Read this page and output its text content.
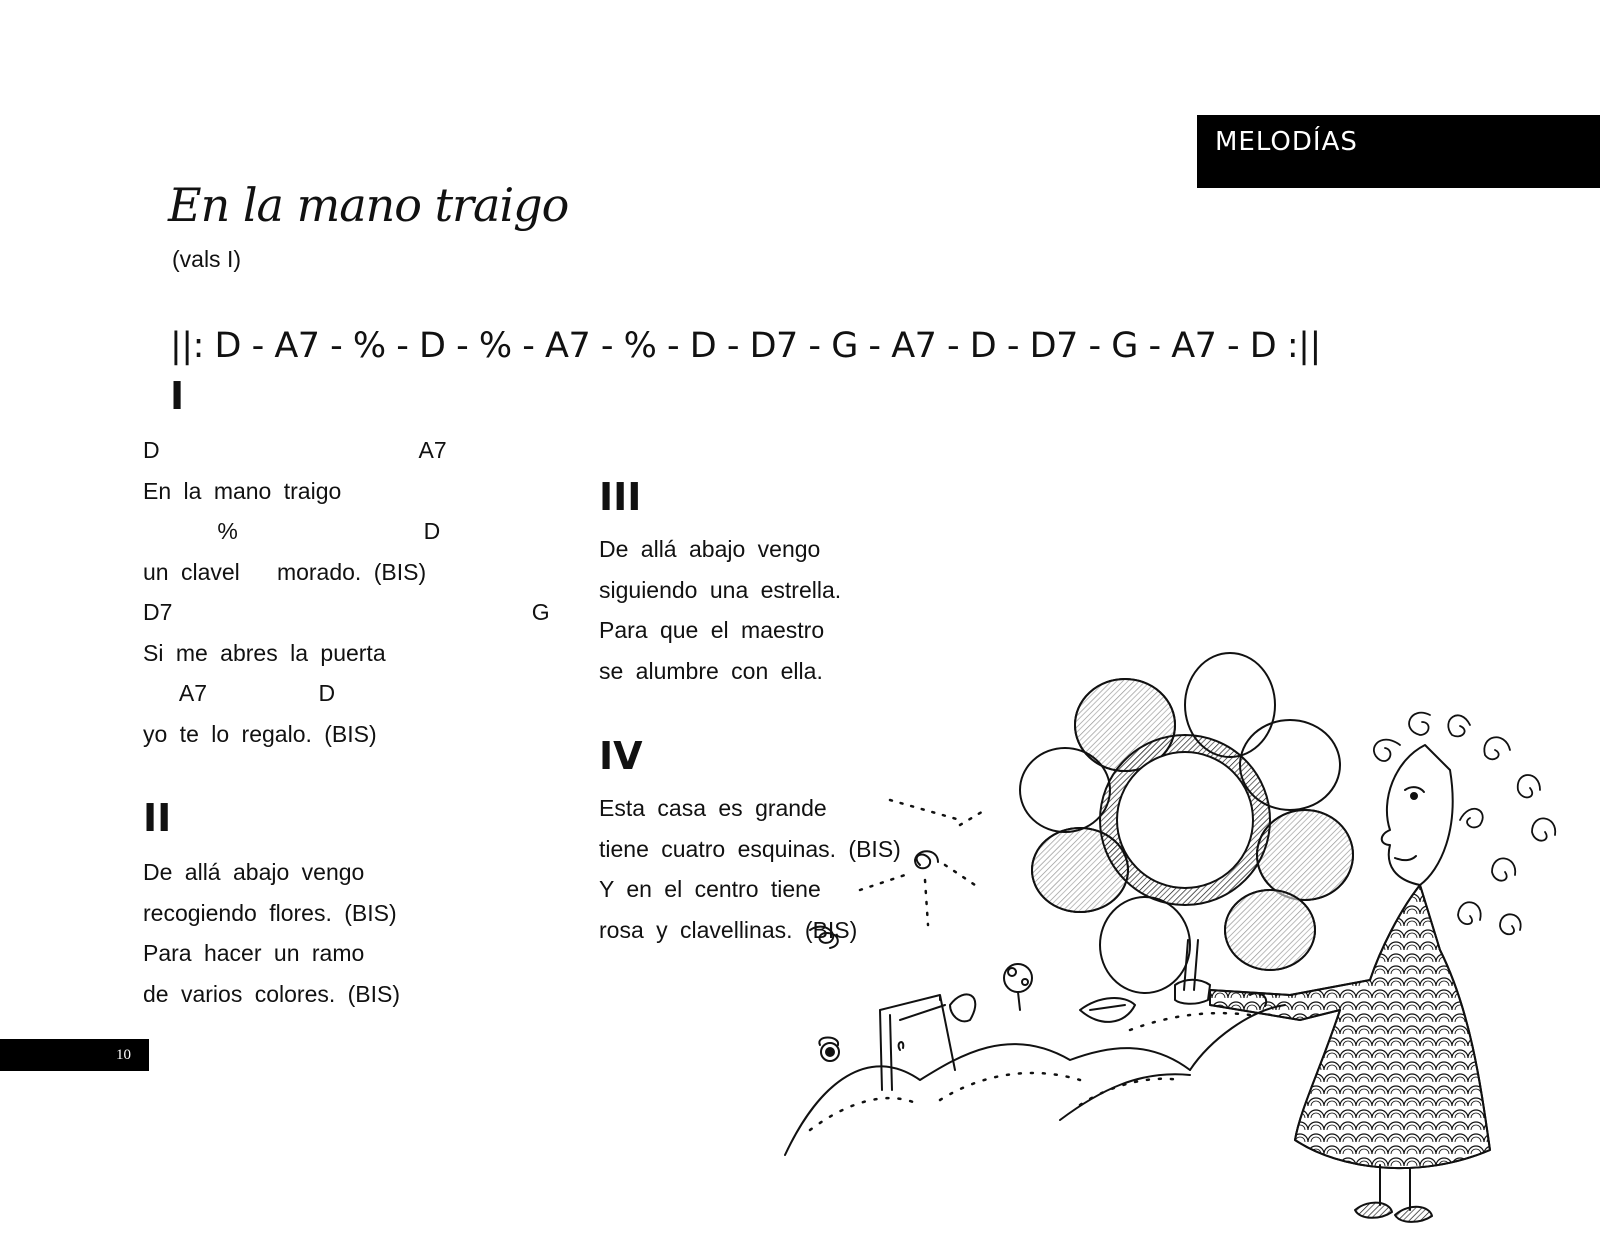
MELODÍAS
En la mano traigo
(vals I)
||: D - A7 - % - D - % - A7 - % - D - D7 - G - A7 - D - D7 - G - A7 - D :||
I
D                     A7
En la mano traigo
%               D
un clavel   morado. (BIS)
D7                             G
Si me abres la puerta
A7         D
yo te lo regalo. (BIS)
II
De allá abajo vengo
recogiendo flores. (BIS)
Para hacer un ramo
de varios colores. (BIS)
III
De allá abajo vengo
siguiendo una estrella.
Para que el maestro
se alumbre con ella.
IV
Esta casa es grande
tiene cuatro esquinas. (BIS)
Y en el centro tiene
rosa y clavellinas. (BIS)
10
